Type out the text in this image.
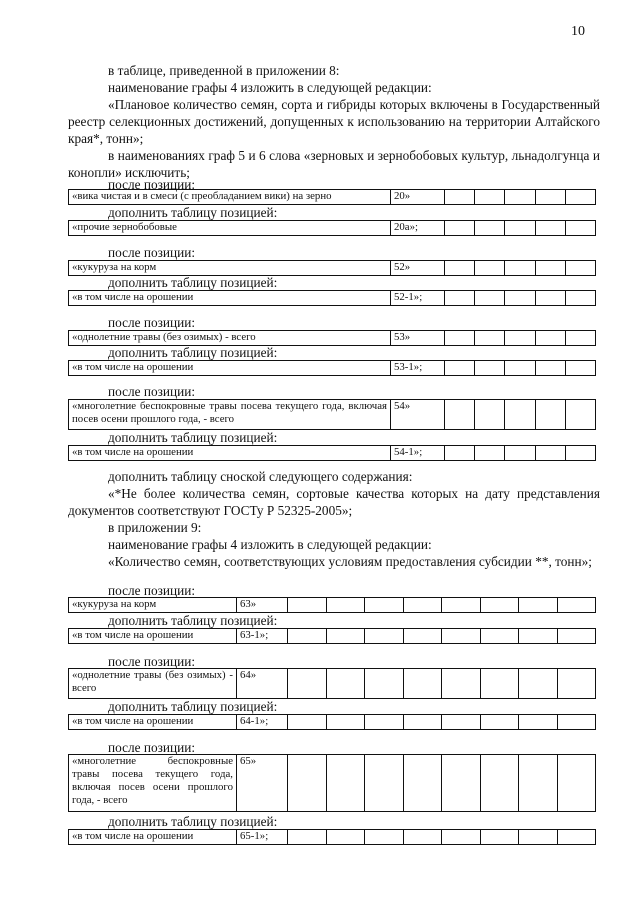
10

в таблице, приведенной в приложении 8:

наименование графы 4 изложить в следующей редакции:

«Плановое количество семян, сорта и гибриды которых включены в Государственный реестр селекционных достижений, допущенных к использованию на территории Алтайского края*, тонн»;

в наименованиях граф 5 и 6 слова «зерновых и зернобобовых культур, льнадолгунца и конопли» исключить;

после позиции:
«вика чистая и в смеси (с преобладанием вики) на зерно	20»					
дополнить таблицу позицией:
«прочие зернобобовые	20а»;					
после позиции:
«кукуруза на корм	52»					
дополнить таблицу позицией:
«в том числе на орошении	52-1»;					
после позиции:
«однолетние травы (без озимых) - всего	53»					
дополнить таблицу позицией:
«в том числе на орошении	53-1»;					
после позиции:
«многолетние беспокровные травы посева текущего года, включая посев осени прошлого года, - всего	54»					
дополнить таблицу позицией:
«в том числе на орошении	54-1»;					

дополнить таблицу сноской следующего содержания:

«*Не более количества семян, сортовые качества которых на дату представления документов соответствуют ГОСТу Р 52325-2005»;

в приложении 9:

наименование графы 4 изложить в следующей редакции:

«Количество семян, соответствующих условиям предоставления субсидии **, тонн»;

после позиции:
«кукуруза на корм	63»								
дополнить таблицу позицией:
«в том числе на орошении	63-1»;								
после позиции:
«однолетние травы (без озимых) - всего	64»								
дополнить таблицу позицией:
«в том числе на орошении	64-1»;								
после позиции:
«многолетние беспокровные травы посева текущего года, включая посев осени прошлого года, - всего	65»								
дополнить таблицу позицией:
«в том числе на орошении	65-1»;								
